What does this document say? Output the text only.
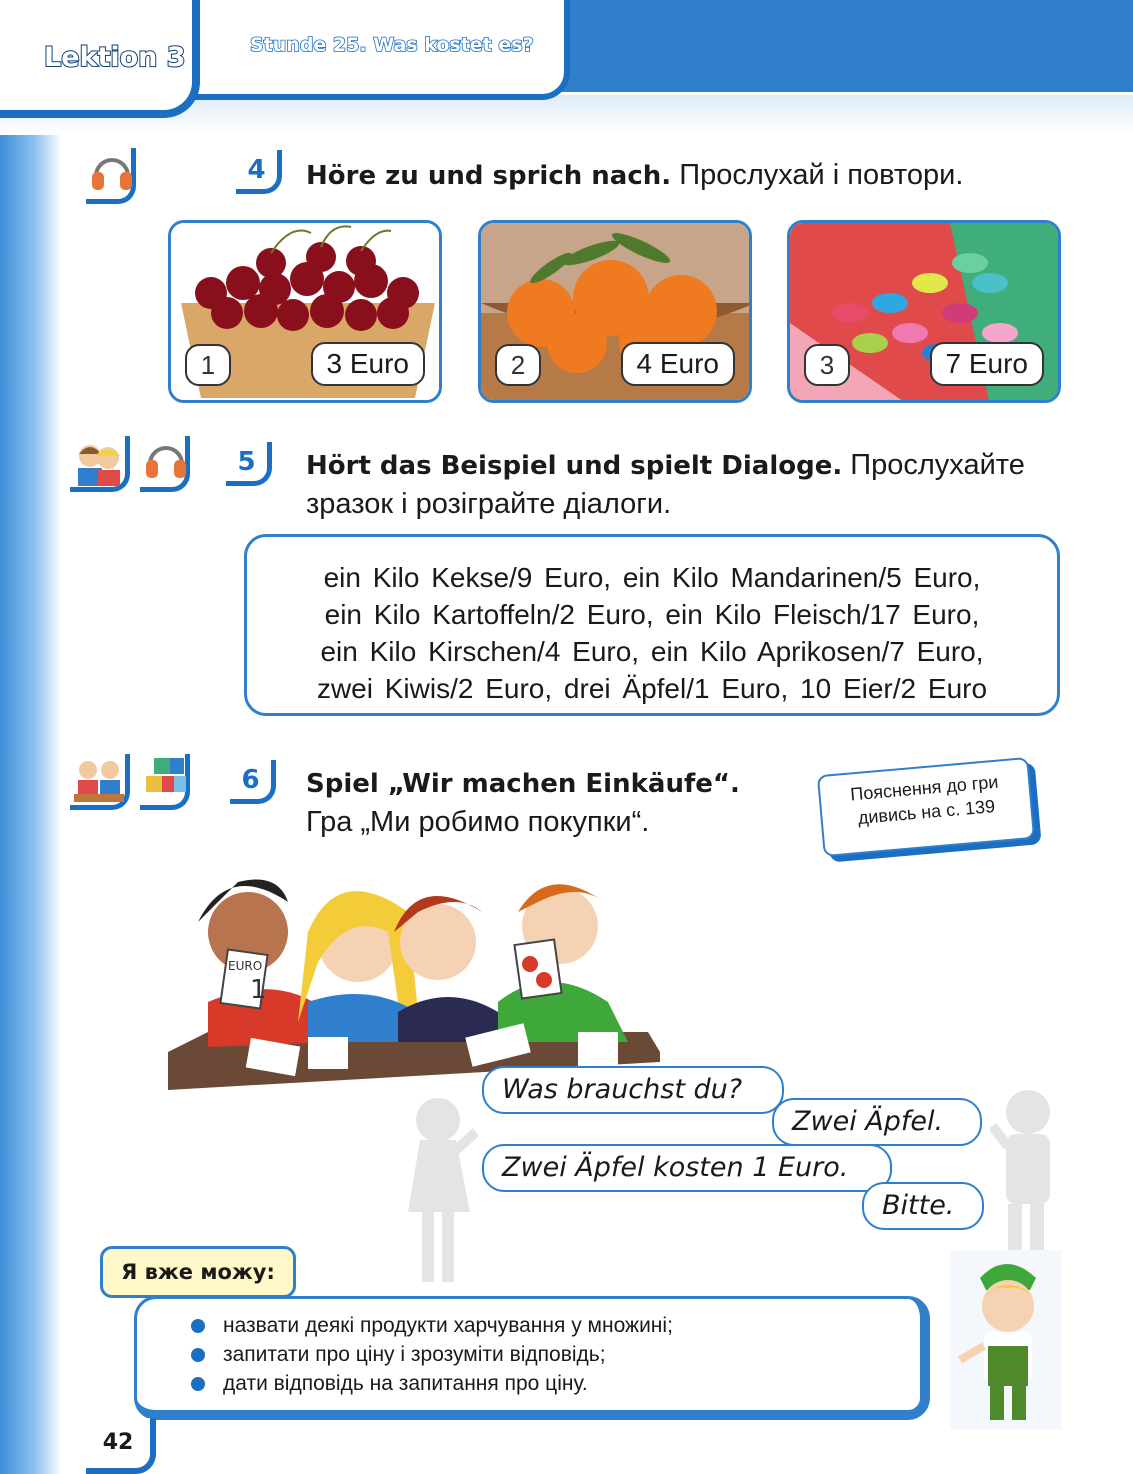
Lektion 3	Stunde 25. Was kostet es?
4	Höre zu und sprich nach. Прослухай і повтори.
1	3 Euro	2	4 Euro	3	7 Euro
5	Hört das Beispiel und spielt Dialoge. Прослухайте
зразок і розіграйте діалоги.
ein Kilo Kekse/9 Euro, ein Kilo Mandarinen/5 Euro,
ein Kilo Kartoffeln/2 Euro, ein Kilo Fleisch/17 Euro,
ein Kilo Kirschen/4 Euro, ein Kilo Aprikosen/7 Euro,
zwei Kiwis/2 Euro, drei Äpfel/1 Euro, 10 Eier/2 Euro
6	Spiel „Wir machen Einkäufe“.
Гра „Ми робимо покупки“.
Пояснення до гри
дивись на с. 139
EURO
1
Was brauchst du?
Zwei Äpfel.
Zwei Äpfel kosten 1 Euro.
Bitte.
назвати деякі продукти харчування у множині;
запитати про ціну і зрозуміти відповідь;
дати відповідь на запитання про ціну.
Я вже можу:
42
